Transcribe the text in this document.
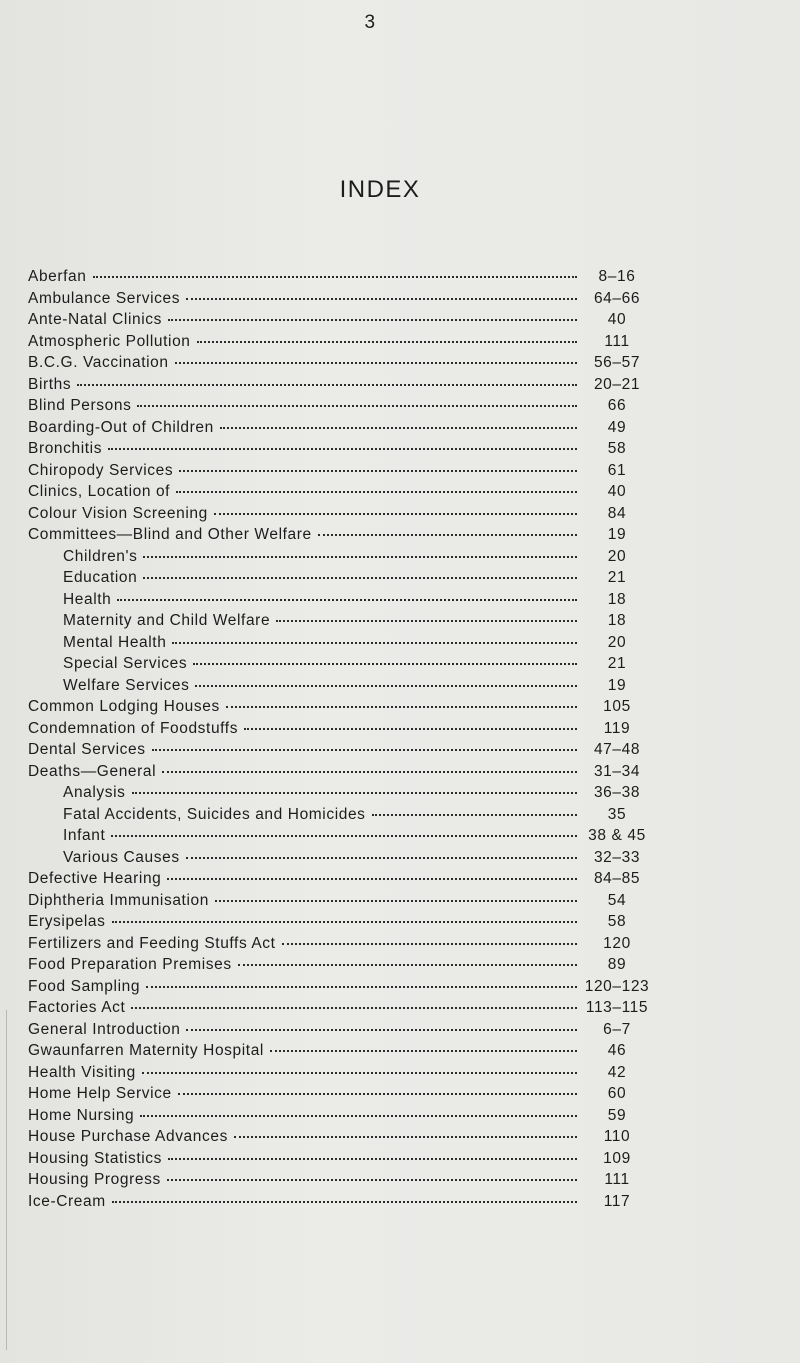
3
INDEX
Aberfan	8–16
Ambulance Services	64–66
Ante-Natal Clinics	40
Atmospheric Pollution	111
B.C.G. Vaccination	56–57
Births	20–21
Blind Persons	66
Boarding-Out of Children	49
Bronchitis	58
Chiropody Services	61
Clinics, Location of	40
Colour Vision Screening	84
Committees—Blind and Other Welfare	19
Children's	20
Education	21
Health	18
Maternity and Child Welfare	18
Mental Health	20
Special Services	21
Welfare Services	19
Common Lodging Houses	105
Condemnation of Foodstuffs	119
Dental Services	47–48
Deaths—General	31–34
Analysis	36–38
Fatal Accidents, Suicides and Homicides	35
Infant	38 & 45
Various Causes	32–33
Defective Hearing	84–85
Diphtheria Immunisation	54
Erysipelas	58
Fertilizers and Feeding Stuffs Act	120
Food Preparation Premises	89
Food Sampling	120–123
Factories Act	113–115
General Introduction	6–7
Gwaunfarren Maternity Hospital	46
Health Visiting	42
Home Help Service	60
Home Nursing	59
House Purchase Advances	110
Housing Statistics	109
Housing Progress	111
Ice-Cream	117
